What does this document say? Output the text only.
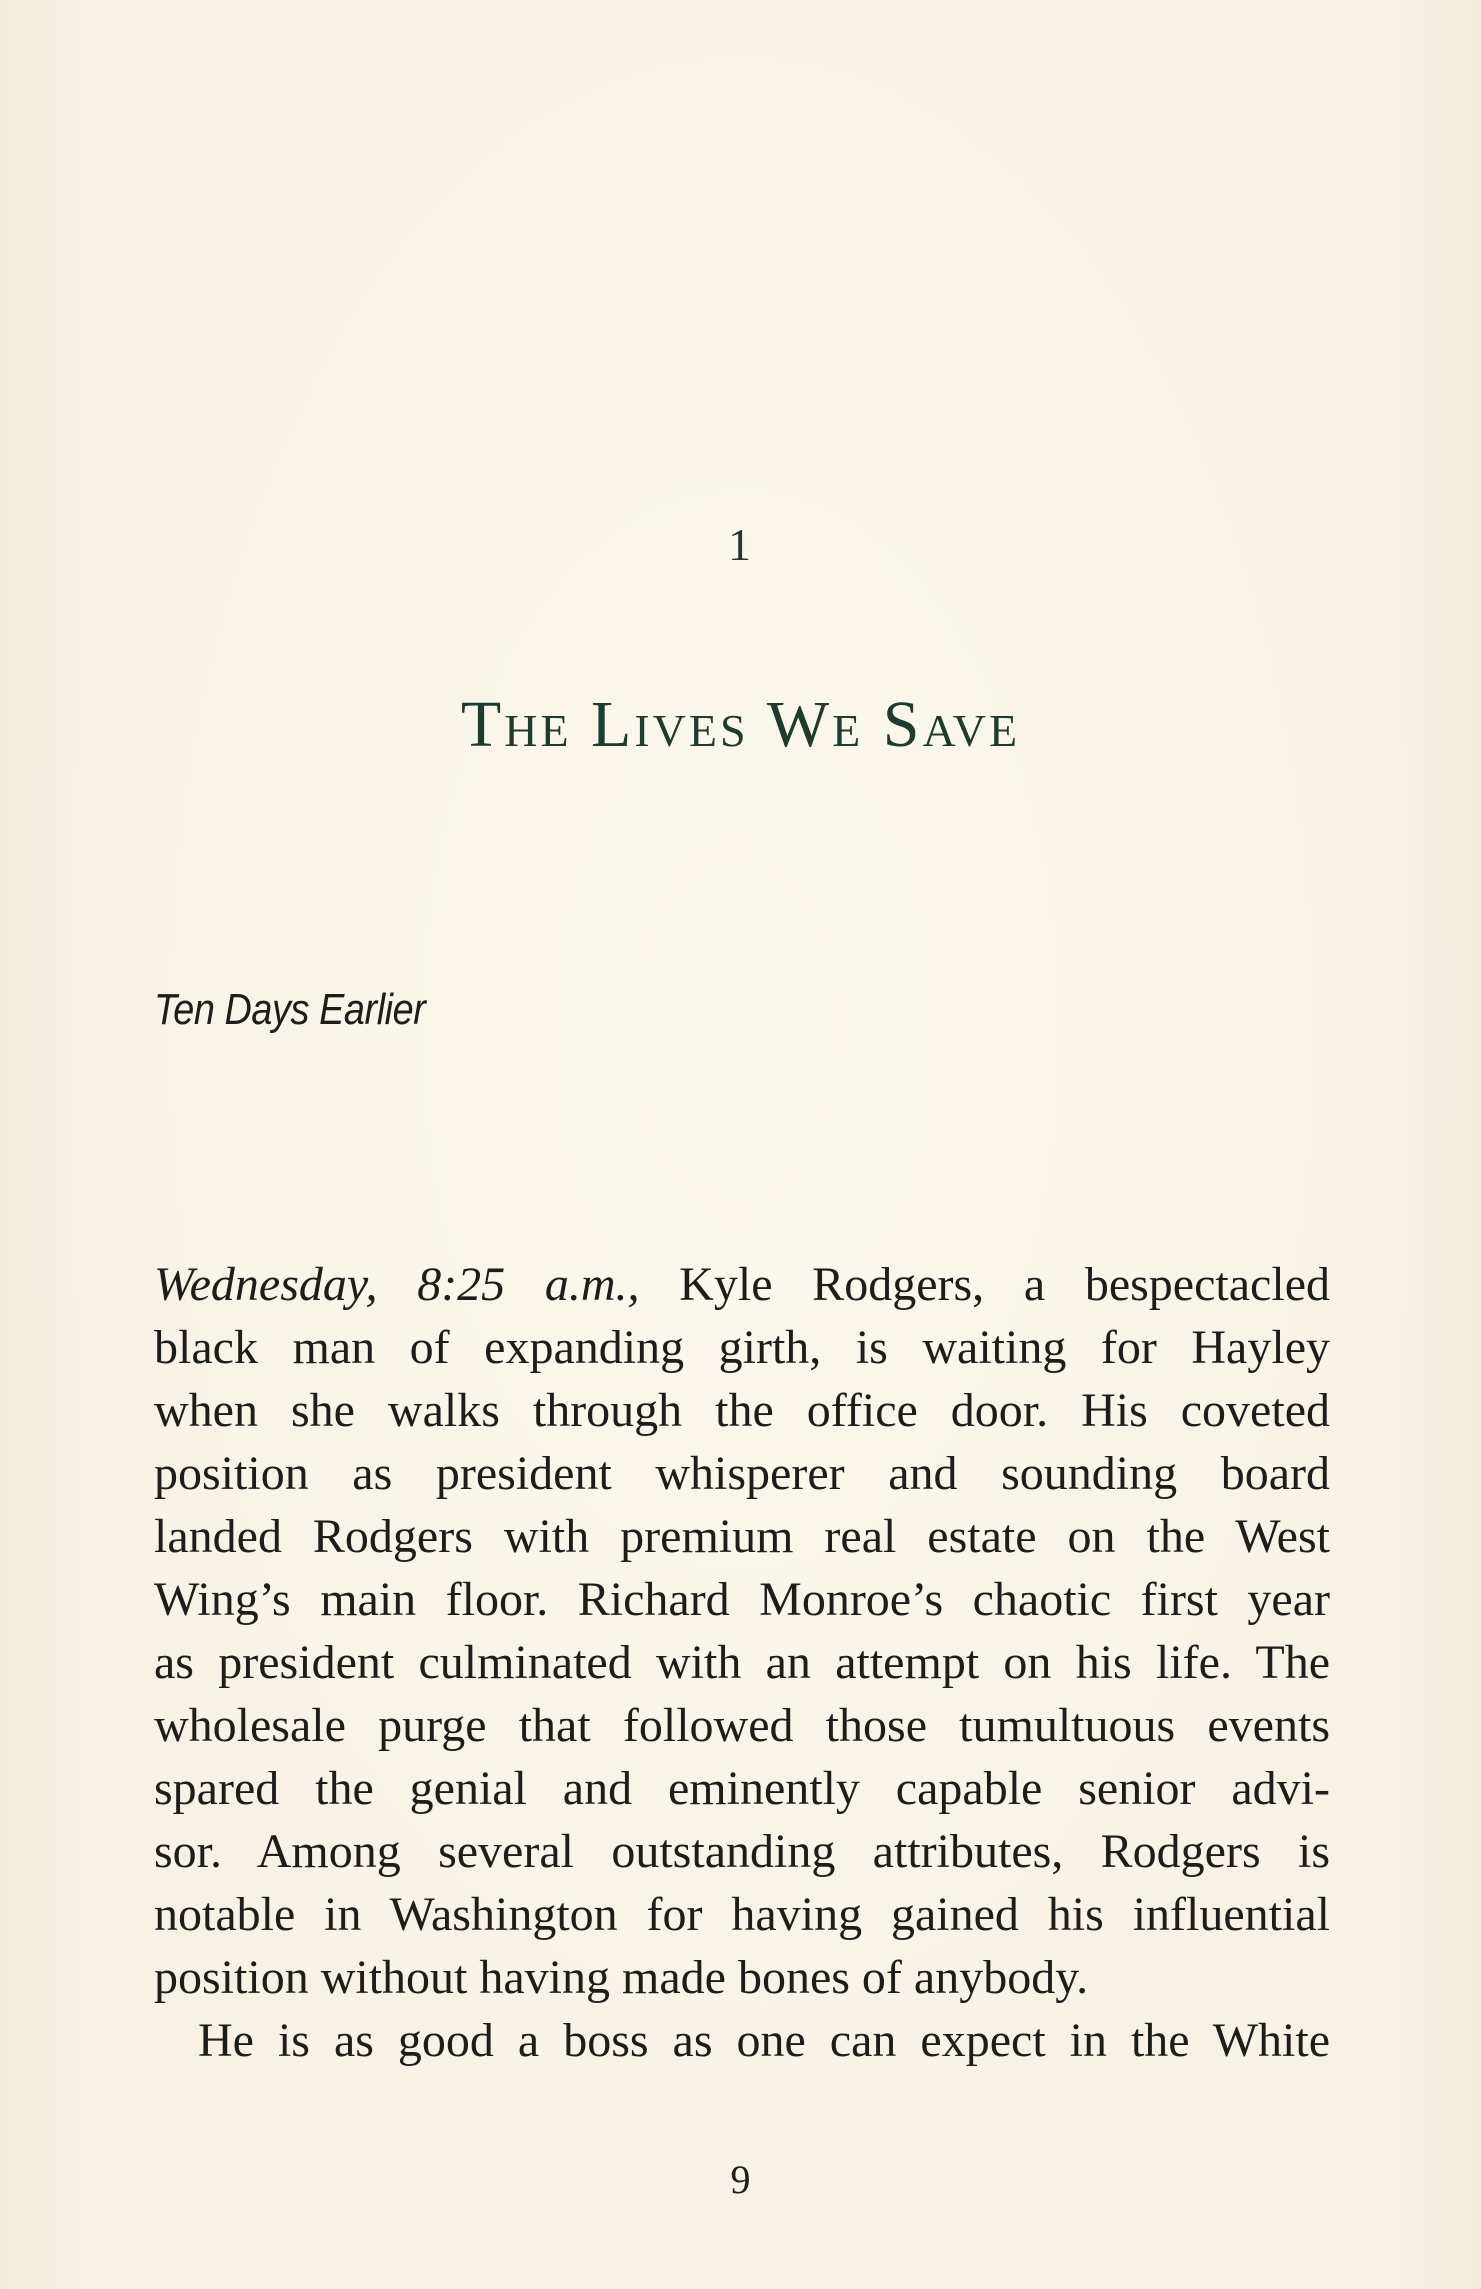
1
The Lives We Save
Ten Days Earlier
Wednesday, 8:25 a.m., Kyle Rodgers, a bespectacled
black man of expanding girth, is waiting for Hayley
when she walks through the office door. His coveted
position as president whisperer and sounding board
landed Rodgers with premium real estate on the West
Wing’s main floor. Richard Monroe’s chaotic first year
as president culminated with an attempt on his life. The
wholesale purge that followed those tumultuous events
spared the genial and eminently capable senior advi-
sor. Among several outstanding attributes, Rodgers is
notable in Washington for having gained his influential
position without having made bones of anybody.
He is as good a boss as one can expect in the White
9
